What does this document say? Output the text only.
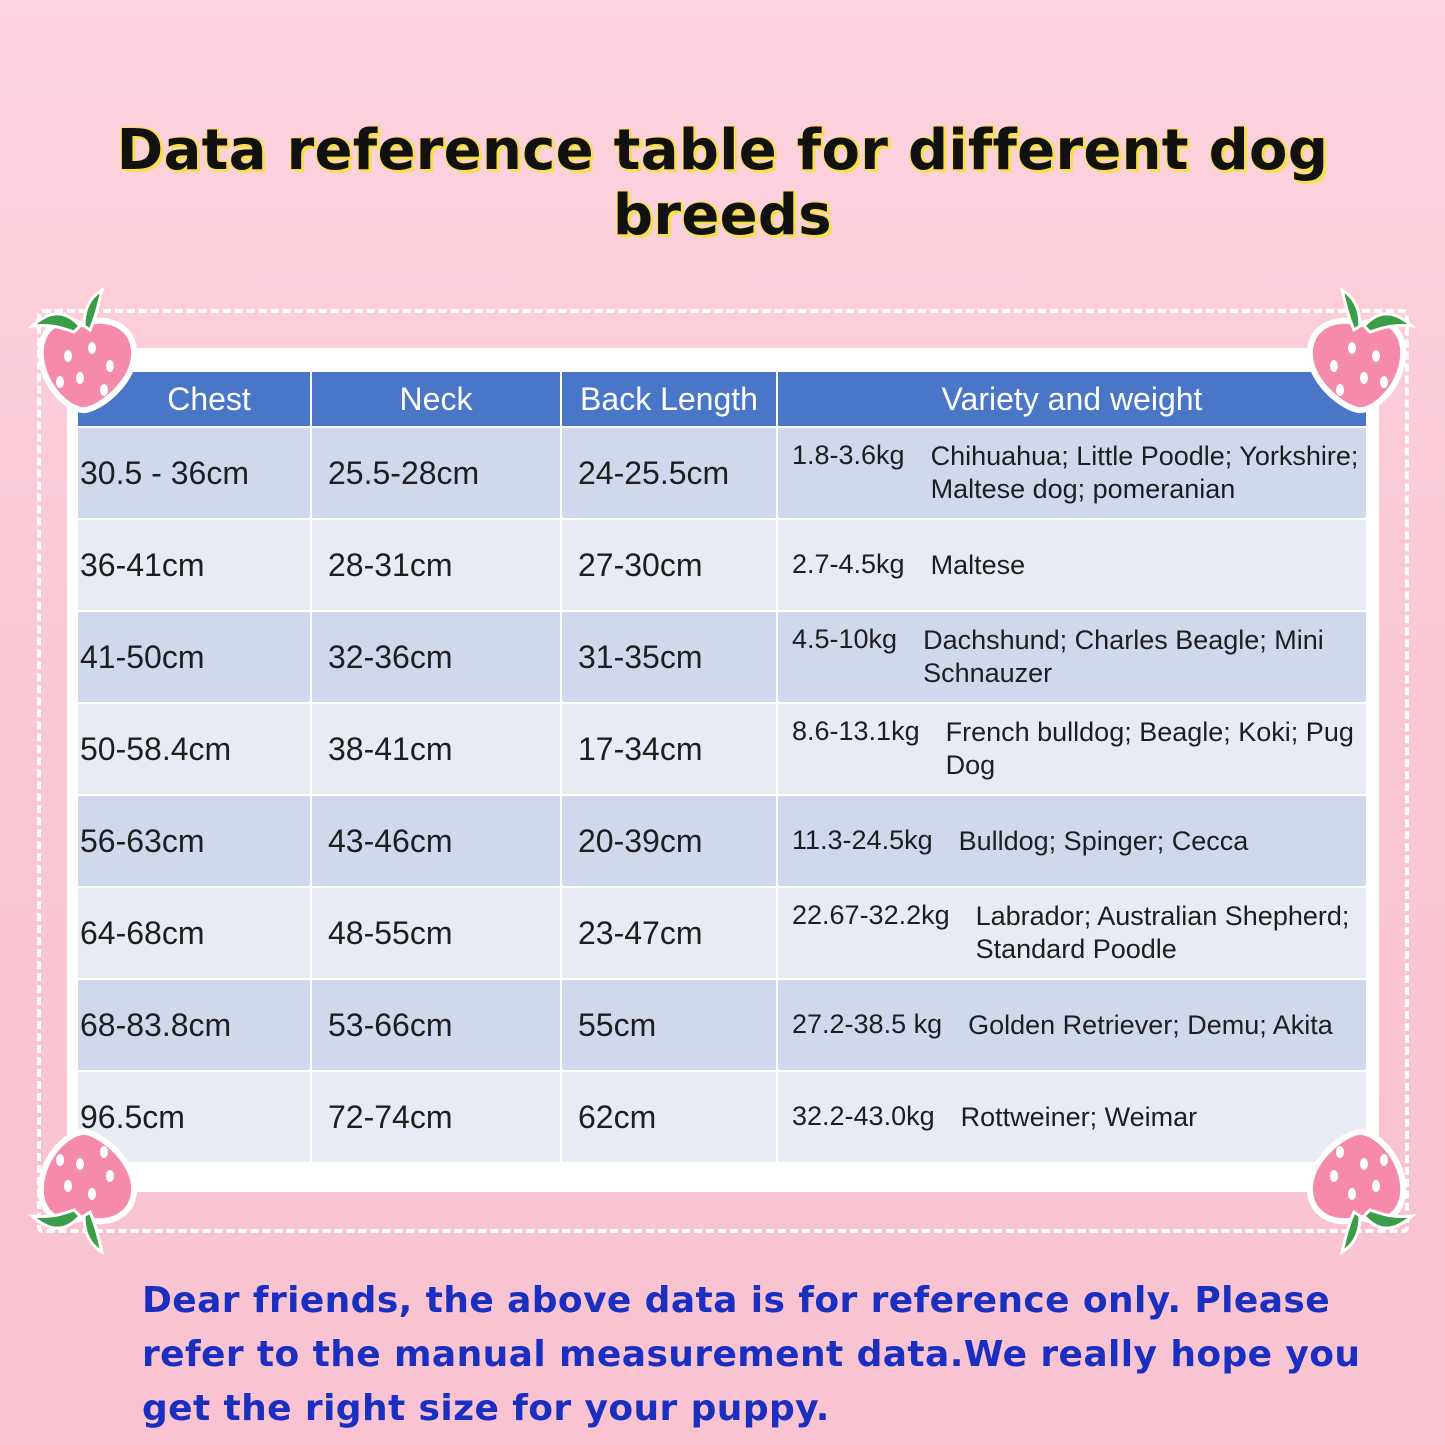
Data reference table for different dog breeds
Chest	Neck	Back Length	Variety and weight
30.5 - 36cm	25.5-28cm	24-25.5cm	1.8-3.6kg Chihuahua; Little Poodle; Yorkshire; Maltese dog; pomeranian

36-41cm	28-31cm	27-30cm	2.7-4.5kg Maltese

41-50cm	32-36cm	31-35cm	4.5-10kg Dachshund; Charles Beagle; Mini Schnauzer

50-58.4cm	38-41cm	17-34cm	8.6-13.1kg French bulldog; Beagle; Koki; Pug Dog

56-63cm	43-46cm	20-39cm	11.3-24.5kg Bulldog; Spinger; Cecca

64-68cm	48-55cm	23-47cm	22.67-32.2kg Labrador; Australian Shepherd; Standard Poodle

68-83.8cm	53-66cm	55cm	27.2-38.5 kg Golden Retriever; Demu; Akita

96.5cm	72-74cm	62cm	32.2-43.0kg Rottweiner; Weimar
Dear friends, the above data is for reference only. Please refer to the manual measurement data.We really hope you get the right size for your puppy.
